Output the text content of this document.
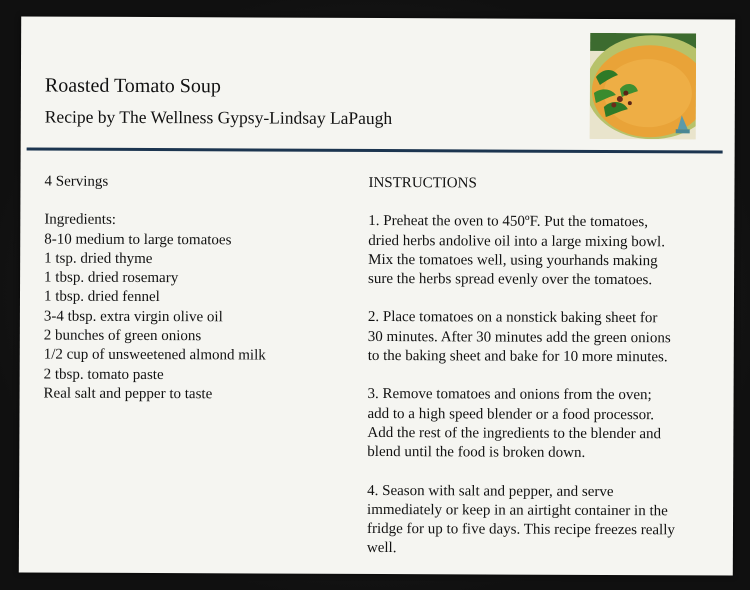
Roasted Tomato Soup
Recipe by The Wellness Gypsy-Lindsay LaPaugh

4 Servings

Ingredients:

8-10 medium to large tomatoes
1 tsp. dried thyme
1 tbsp. dried rosemary
1 tbsp. dried fennel
3-4 tbsp. extra virgin olive oil
2 bunches of green onions
1/2 cup of unsweetened almond milk
2 tbsp. tomato paste
Real salt and pepper to taste

INSTRUCTIONS

1. Preheat the oven to 450ºF. Put the tomatoes,
dried herbs andolive oil into a large mixing bowl.
Mix the tomatoes well, using yourhands making
sure the herbs spread evenly over the tomatoes.
2. Place tomatoes on a nonstick baking sheet for
30 minutes. After 30 minutes add the green onions
to the baking sheet and bake for 10 more minutes.
3. Remove tomatoes and onions from the oven;
add to a high speed blender or a food processor.
Add the rest of the ingredients to the blender and
blend until the food is broken down.
4. Season with salt and pepper, and serve
immediately or keep in an airtight container in the
fridge for up to five days. This recipe freezes really
well.
